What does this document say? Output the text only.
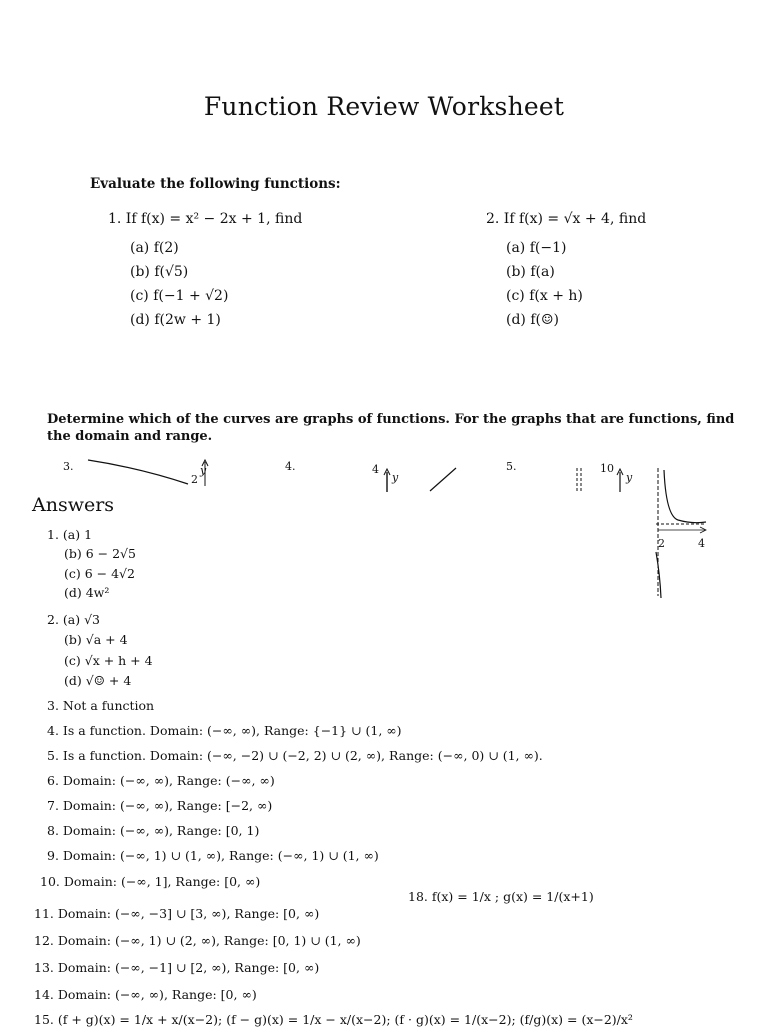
Function Review Worksheet
Evaluate the following functions:
1. If f(x) = x² − 2x + 1, find
(a) f(2)
(b) f(√5)
(c) f(−1 + √2)
(d) f(2w + 1)
2. If f(x) = √x + 4, find
(a) f(−1)
(b) f(a)
(c) f(x + h)
(d) f(☺)
Determine which of the curves are graphs of functions. For the graphs that are functions, find
the domain and range.
3.	y
2
4.	4
y
5.	10
y
2	4
Answers
1. (a) 1
(b) 6 − 2√5
(c) 6 − 4√2
(d) 4w²
2. (a) √3
(b) √a + 4
(c) √x + h + 4
(d) √☺ + 4
3. Not a function
4. Is a function. Domain: (−∞, ∞), Range: {−1} ∪ (1, ∞)
5. Is a function. Domain: (−∞, −2) ∪ (−2, 2) ∪ (2, ∞), Range: (−∞, 0) ∪ (1, ∞).
6. Domain: (−∞, ∞), Range: (−∞, ∞)
7. Domain: (−∞, ∞), Range: [−2, ∞)
8. Domain: (−∞, ∞), Range: [0, 1)
9. Domain: (−∞, 1) ∪ (1, ∞), Range: (−∞, 1) ∪ (1, ∞)
10. Domain: (−∞, 1], Range: [0, ∞)
18. f(x) = 1/x ; g(x) = 1/(x+1)
11. Domain: (−∞, −3] ∪ [3, ∞), Range: [0, ∞)
12. Domain: (−∞, 1) ∪ (2, ∞), Range: [0, 1) ∪ (1, ∞)
13. Domain: (−∞, −1] ∪ [2, ∞), Range: [0, ∞)
14. Domain: (−∞, ∞), Range: [0, ∞)
15. (f + g)(x) = 1/x + x/(x−2); (f − g)(x) = 1/x − x/(x−2); (f · g)(x) = 1/(x−2); (f/g)(x) = (x−2)/x²
